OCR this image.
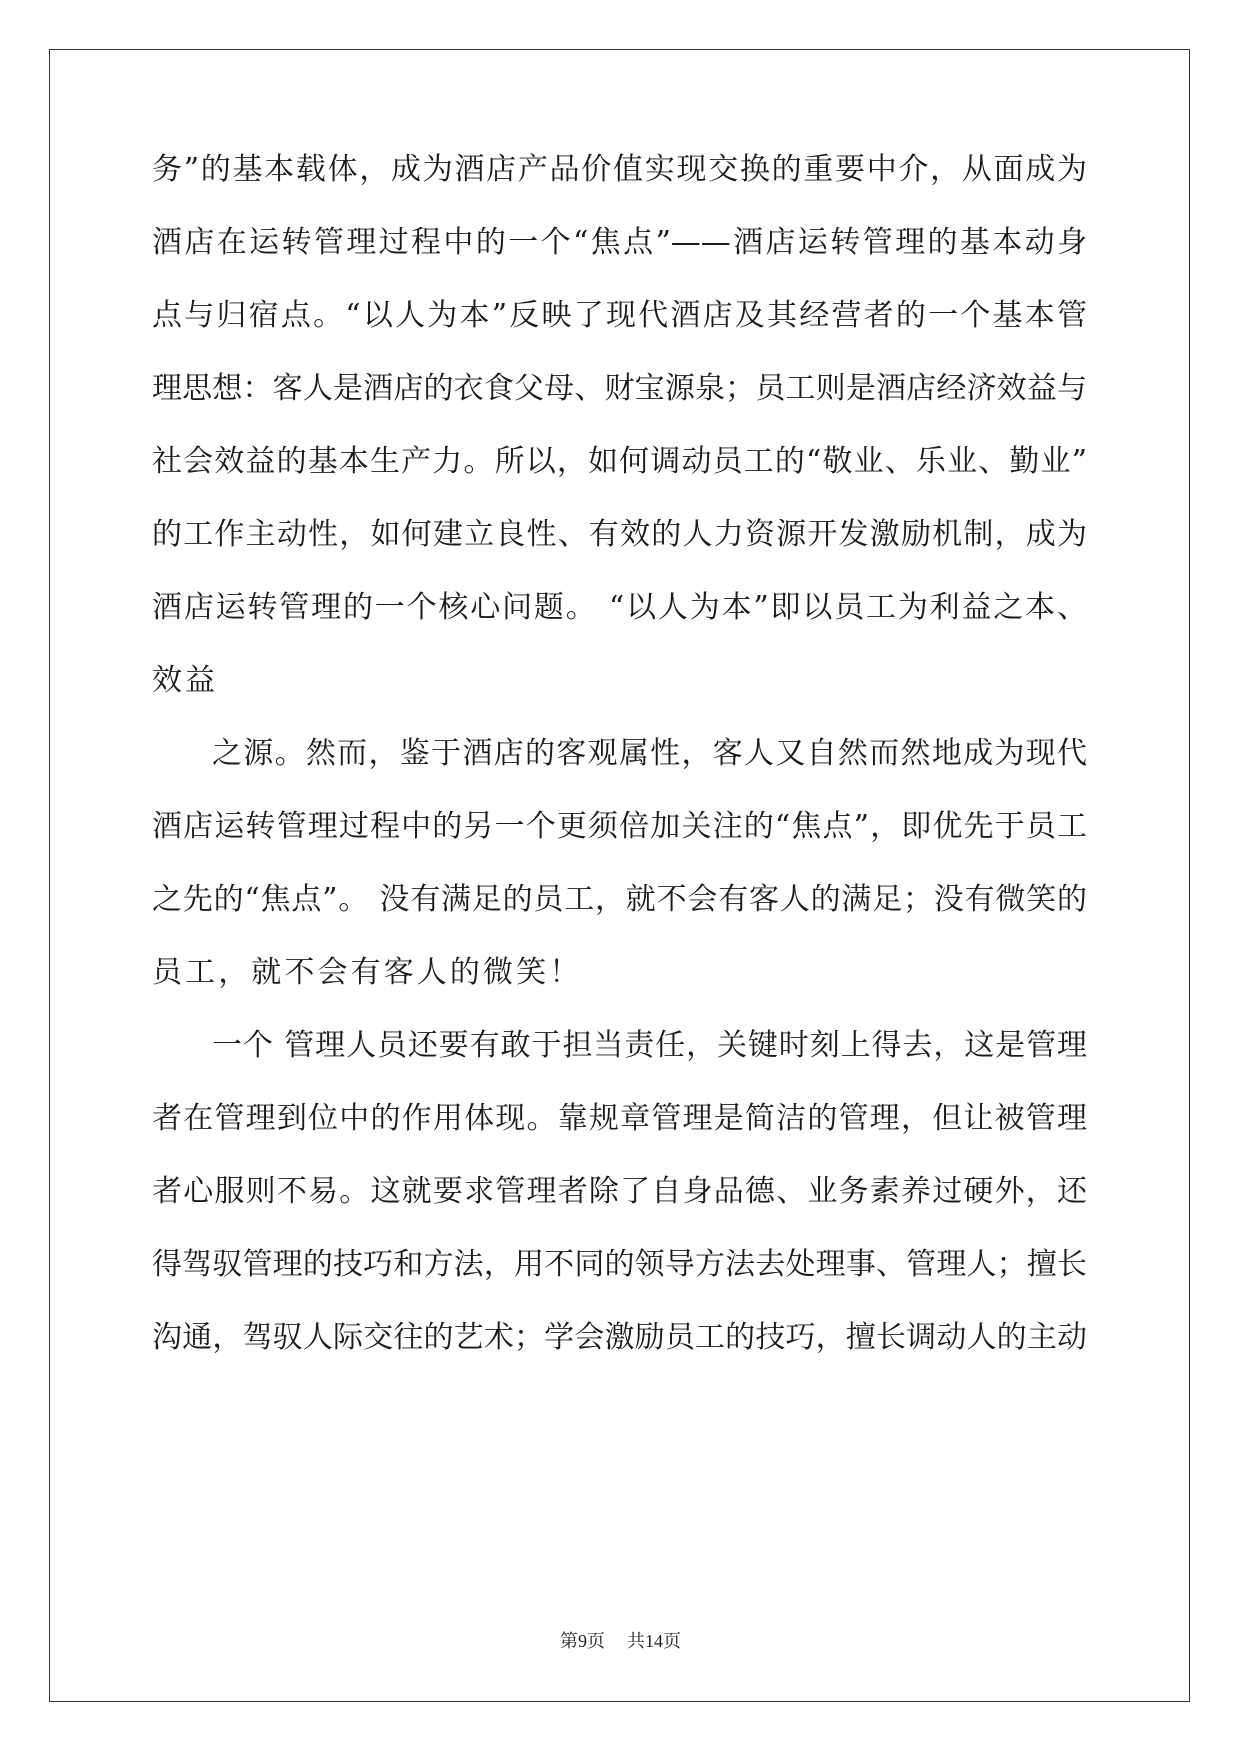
务”的基本载体，成为酒店产品价值实现交换的重要中介，从面成为
酒店在运转管理过程中的一个“焦点”——酒店运转管理的基本动身
点与归宿点。“以人为本”反映了现代酒店及其经营者的一个基本管
理思想：客人是酒店的衣食父母、财宝源泉；员工则是酒店经济效益与
社会效益的基本生产力。所以，如何调动员工的“敬业、乐业、勤业”
的工作主动性，如何建立良性、有效的人力资源开发激励机制，成为
酒店运转管理的一个核心问题。 “以人为本”即以员工为利益之本、
效益
之源。然而，鉴于酒店的客观属性，客人又自然而然地成为现代
酒店运转管理过程中的另一个更须倍加关注的“焦点”，即优先于员工
之先的“焦点”。 没有满足的员工，就不会有客人的满足；没有微笑的
员工，就不会有客人的微笑！
一个 管理人员还要有敢于担当责任，关键时刻上得去，这是管理
者在管理到位中的作用体现。靠规章管理是简洁的管理，但让被管理
者心服则不易。这就要求管理者除了自身品德、业务素养过硬外，还
得驾驭管理的技巧和方法，用不同的领导方法去处理事、管理人；擅长
沟通，驾驭人际交往的艺术；学会激励员工的技巧，擅长调动人的主动
第9页 共14页
